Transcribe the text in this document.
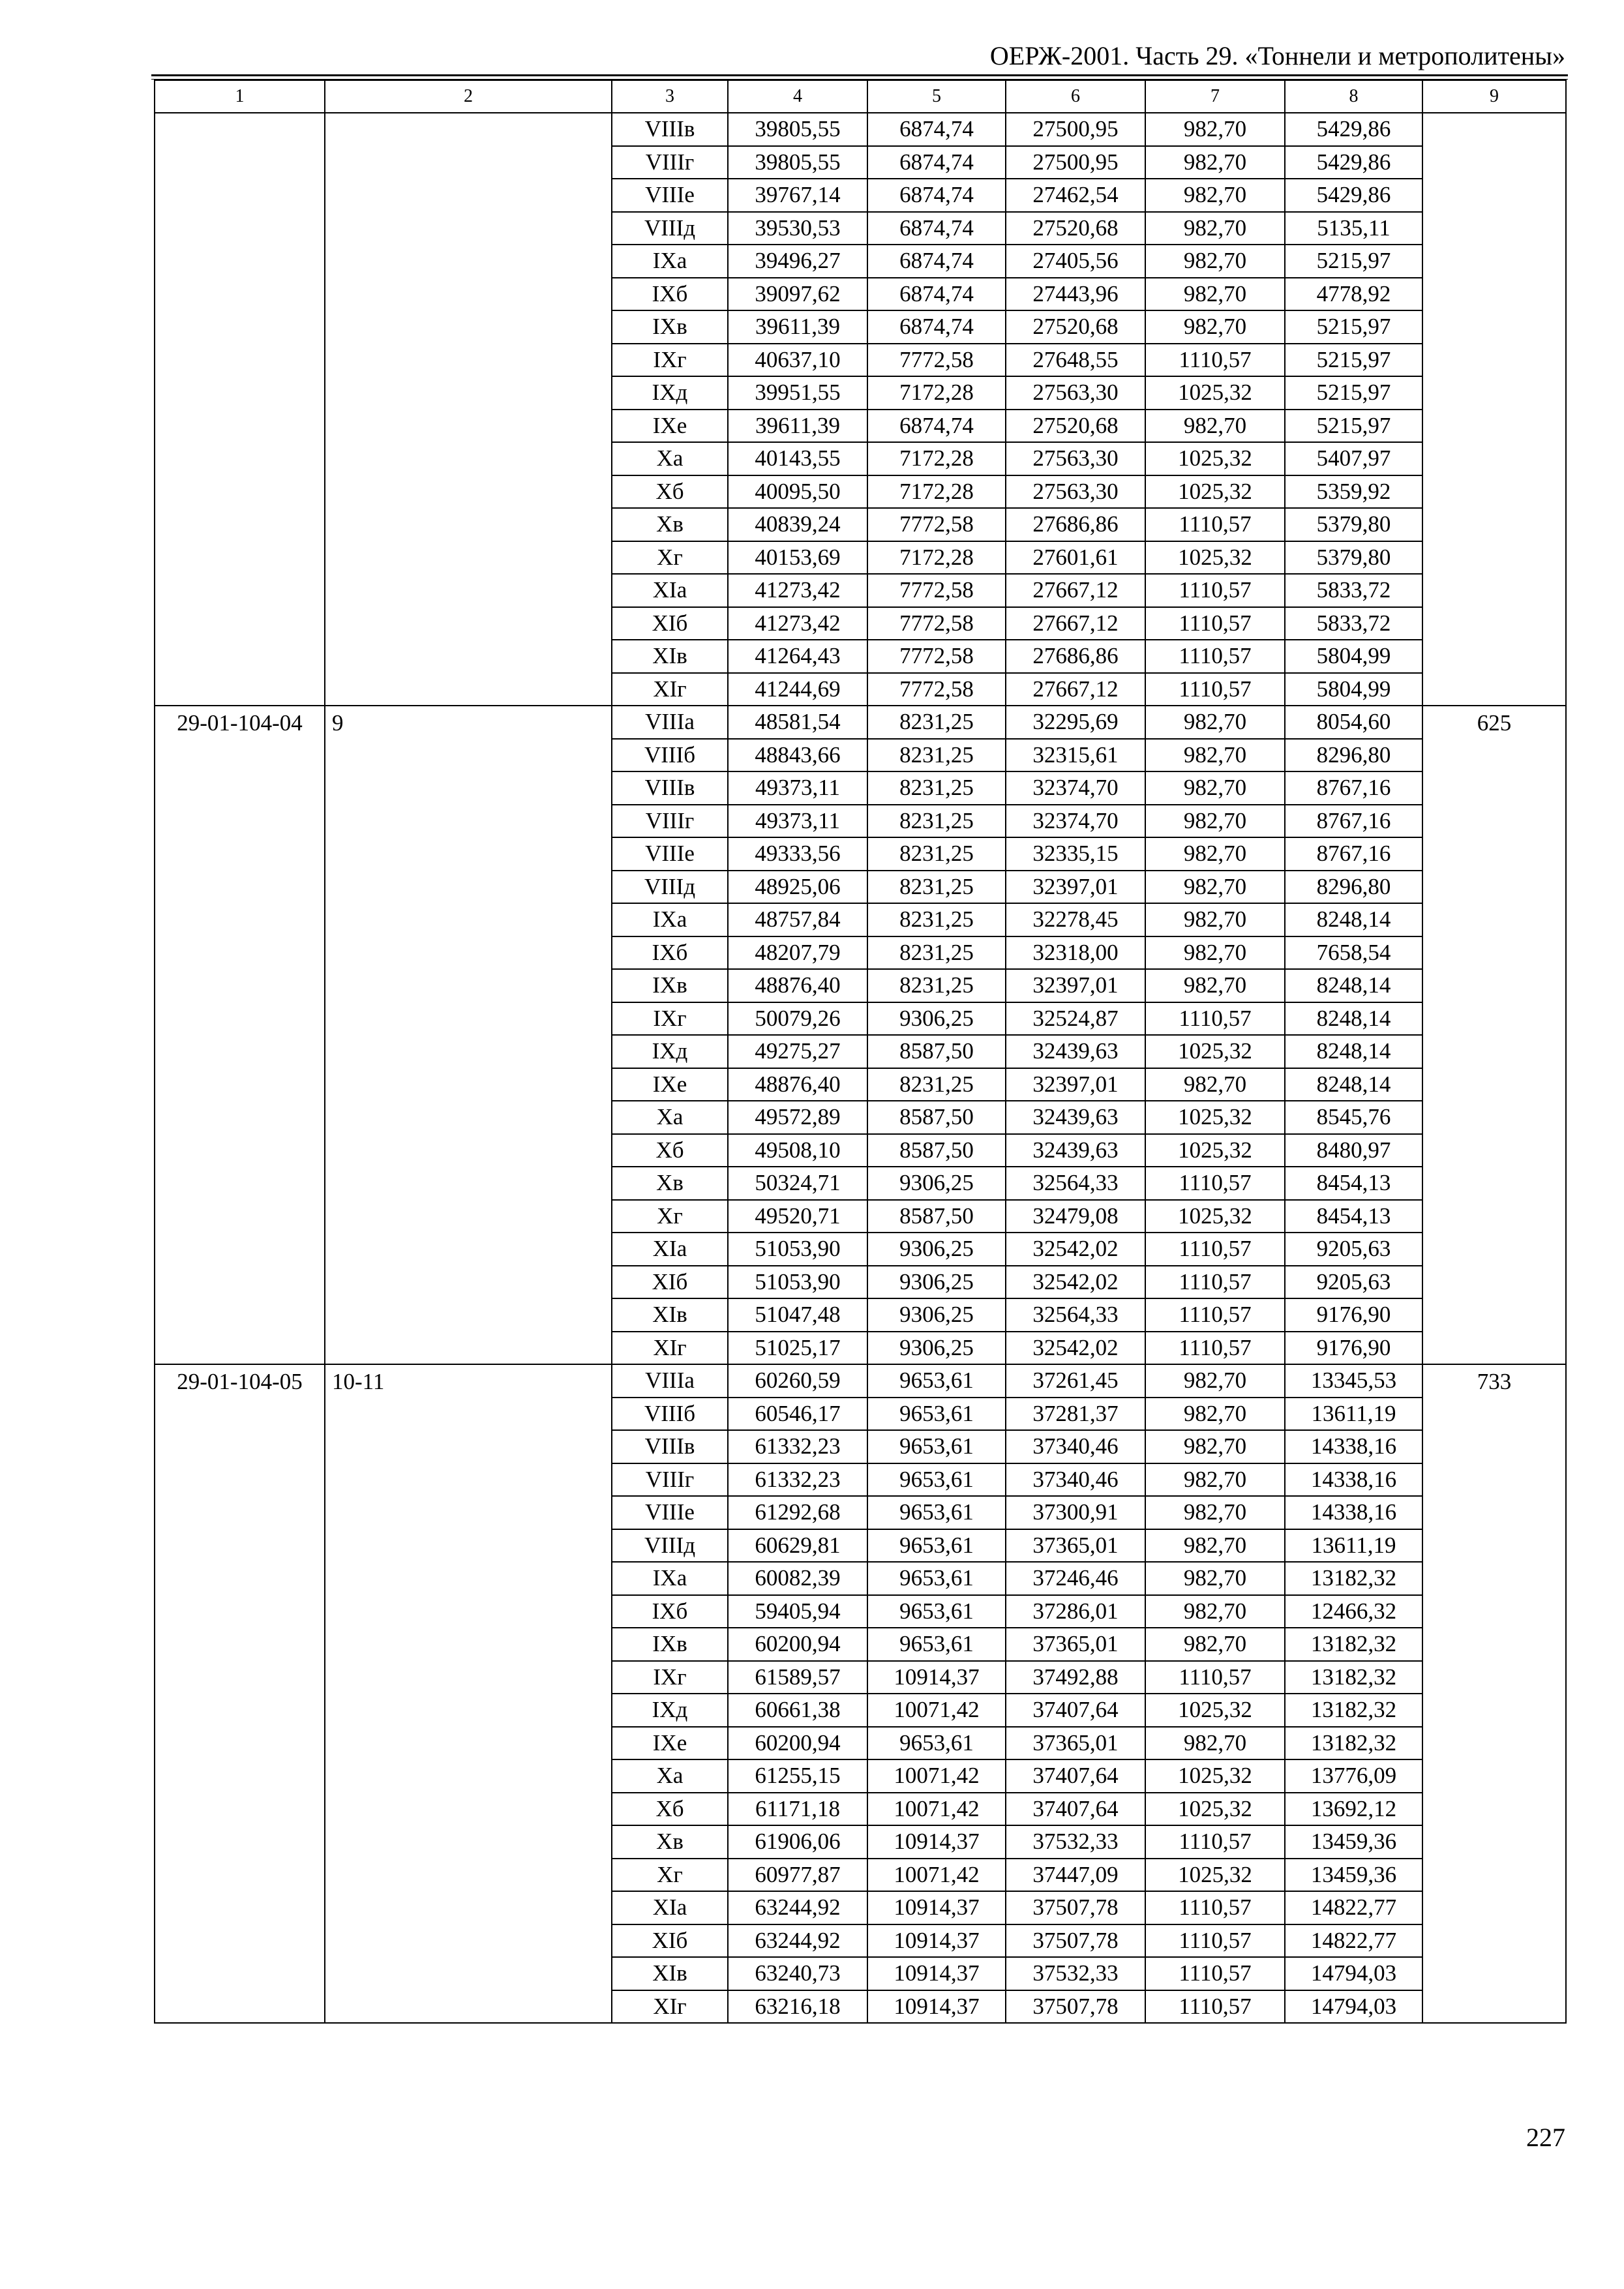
ОЕРЖ-2001. Часть 29. «Тоннели и метрополитены»
1	2	3	4	5	6	7	8	9
		VIIIв	39805,55	6874,74	27500,95	982,70	5429,86	
		VIIIг	39805,55	6874,74	27500,95	982,70	5429,86	
		VIIIе	39767,14	6874,74	27462,54	982,70	5429,86	
		VIIIд	39530,53	6874,74	27520,68	982,70	5135,11	
		IXа	39496,27	6874,74	27405,56	982,70	5215,97	
		IXб	39097,62	6874,74	27443,96	982,70	4778,92	
		IXв	39611,39	6874,74	27520,68	982,70	5215,97	
		IXг	40637,10	7772,58	27648,55	1110,57	5215,97	
		IXд	39951,55	7172,28	27563,30	1025,32	5215,97	
		IXе	39611,39	6874,74	27520,68	982,70	5215,97	
		Xа	40143,55	7172,28	27563,30	1025,32	5407,97	
		Xб	40095,50	7172,28	27563,30	1025,32	5359,92	
		Xв	40839,24	7772,58	27686,86	1110,57	5379,80	
		Xг	40153,69	7172,28	27601,61	1025,32	5379,80	
		XIа	41273,42	7772,58	27667,12	1110,57	5833,72	
		XIб	41273,42	7772,58	27667,12	1110,57	5833,72	
		XIв	41264,43	7772,58	27686,86	1110,57	5804,99	
		XIг	41244,69	7772,58	27667,12	1110,57	5804,99	
29-01-104-04	9	VIIIа	48581,54	8231,25	32295,69	982,70	8054,60	625
		VIIIб	48843,66	8231,25	32315,61	982,70	8296,80	
		VIIIв	49373,11	8231,25	32374,70	982,70	8767,16	
		VIIIг	49373,11	8231,25	32374,70	982,70	8767,16	
		VIIIе	49333,56	8231,25	32335,15	982,70	8767,16	
		VIIIд	48925,06	8231,25	32397,01	982,70	8296,80	
		IXа	48757,84	8231,25	32278,45	982,70	8248,14	
		IXб	48207,79	8231,25	32318,00	982,70	7658,54	
		IXв	48876,40	8231,25	32397,01	982,70	8248,14	
		IXг	50079,26	9306,25	32524,87	1110,57	8248,14	
		IXд	49275,27	8587,50	32439,63	1025,32	8248,14	
		IXе	48876,40	8231,25	32397,01	982,70	8248,14	
		Xа	49572,89	8587,50	32439,63	1025,32	8545,76	
		Xб	49508,10	8587,50	32439,63	1025,32	8480,97	
		Xв	50324,71	9306,25	32564,33	1110,57	8454,13	
		Xг	49520,71	8587,50	32479,08	1025,32	8454,13	
		XIа	51053,90	9306,25	32542,02	1110,57	9205,63	
		XIб	51053,90	9306,25	32542,02	1110,57	9205,63	
		XIв	51047,48	9306,25	32564,33	1110,57	9176,90	
		XIг	51025,17	9306,25	32542,02	1110,57	9176,90	
29-01-104-05	10-11	VIIIа	60260,59	9653,61	37261,45	982,70	13345,53	733
		VIIIб	60546,17	9653,61	37281,37	982,70	13611,19	
		VIIIв	61332,23	9653,61	37340,46	982,70	14338,16	
		VIIIг	61332,23	9653,61	37340,46	982,70	14338,16	
		VIIIе	61292,68	9653,61	37300,91	982,70	14338,16	
		VIIIд	60629,81	9653,61	37365,01	982,70	13611,19	
		IXа	60082,39	9653,61	37246,46	982,70	13182,32	
		IXб	59405,94	9653,61	37286,01	982,70	12466,32	
		IXв	60200,94	9653,61	37365,01	982,70	13182,32	
		IXг	61589,57	10914,37	37492,88	1110,57	13182,32	
		IXд	60661,38	10071,42	37407,64	1025,32	13182,32	
		IXе	60200,94	9653,61	37365,01	982,70	13182,32	
		Xа	61255,15	10071,42	37407,64	1025,32	13776,09	
		Xб	61171,18	10071,42	37407,64	1025,32	13692,12	
		Xв	61906,06	10914,37	37532,33	1110,57	13459,36	
		Xг	60977,87	10071,42	37447,09	1025,32	13459,36	
		XIа	63244,92	10914,37	37507,78	1110,57	14822,77	
		XIб	63244,92	10914,37	37507,78	1110,57	14822,77	
		XIв	63240,73	10914,37	37532,33	1110,57	14794,03	
		XIг	63216,18	10914,37	37507,78	1110,57	14794,03	
227
